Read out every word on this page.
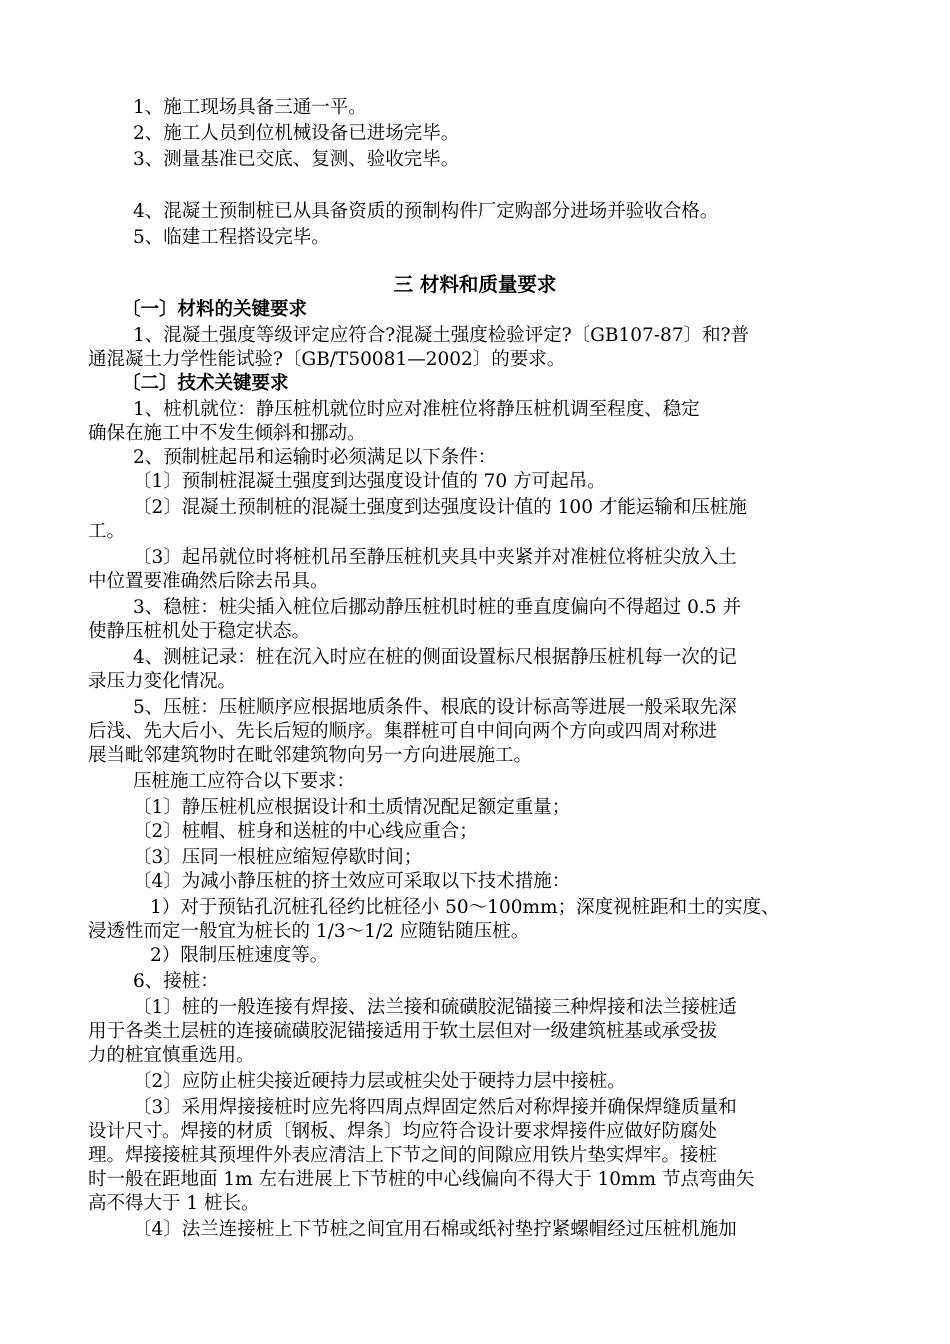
1、施工现场具备三通一平。
2、施工人员到位机械设备已进场完毕。
3、测量基准已交底、复测、验收完毕。
4、混凝土预制桩已从具备资质的预制构件厂定购部分进场并验收合格。
5、临建工程搭设完毕。
三 材料和质量要求
〔一〕材料的关键要求
1、混凝土强度等级评定应符合?混凝土强度检验评定?〔GB107-87〕和?普
通混凝土力学性能试验?〔GB/T50081—2002〕的要求。
〔二〕技术关键要求
1、桩机就位：静压桩机就位时应对准桩位将静压桩机调至程度、稳定
确保在施工中不发生倾斜和挪动。
2、预制桩起吊和运输时必须满足以下条件：
〔1〕预制桩混凝土强度到达强度设计值的 70 方可起吊。
〔2〕混凝土预制桩的混凝土强度到达强度设计值的 100 才能运输和压桩施
工。
〔3〕起吊就位时将桩机吊至静压桩机夹具中夹紧并对准桩位将桩尖放入土
中位置要准确然后除去吊具。
3、稳桩：桩尖插入桩位后挪动静压桩机时桩的垂直度偏向不得超过 0.5 并
使静压桩机处于稳定状态。
4、测桩记录：桩在沉入时应在桩的侧面设置标尺根据静压桩机每一次的记
录压力变化情况。
5、压桩：压桩顺序应根据地质条件、根底的设计标高等进展一般采取先深
后浅、先大后小、先长后短的顺序。集群桩可自中间向两个方向或四周对称进
展当毗邻建筑物时在毗邻建筑物向另一方向进展施工。
压桩施工应符合以下要求：
〔1〕静压桩机应根据设计和土质情况配足额定重量；
〔2〕桩帽、桩身和送桩的中心线应重合；
〔3〕压同一根桩应缩短停歇时间；
〔4〕为减小静压桩的挤土效应可采取以下技术措施：
1）对于预钻孔沉桩孔径约比桩径小 50～100mm；深度视桩距和土的实度、
浸透性而定一般宜为桩长的 1/3～1/2 应随钻随压桩。
2）限制压桩速度等。
6、接桩：
〔1〕桩的一般连接有焊接、法兰接和硫磺胶泥锚接三种焊接和法兰接桩适
用于各类土层桩的连接硫磺胶泥锚接适用于软土层但对一级建筑桩基或承受拔
力的桩宜慎重选用。
〔2〕应防止桩尖接近硬持力层或桩尖处于硬持力层中接桩。
〔3〕采用焊接接桩时应先将四周点焊固定然后对称焊接并确保焊缝质量和
设计尺寸。焊接的材质〔钢板、焊条〕均应符合设计要求焊接件应做好防腐处
理。焊接接桩其预埋件外表应清洁上下节之间的间隙应用铁片垫实焊牢。接桩
时一般在距地面 1m 左右进展上下节桩的中心线偏向不得大于 10mm 节点弯曲矢
高不得大于 1 桩长。
〔4〕法兰连接桩上下节桩之间宜用石棉或纸衬垫拧紧螺帽经过压桩机施加
